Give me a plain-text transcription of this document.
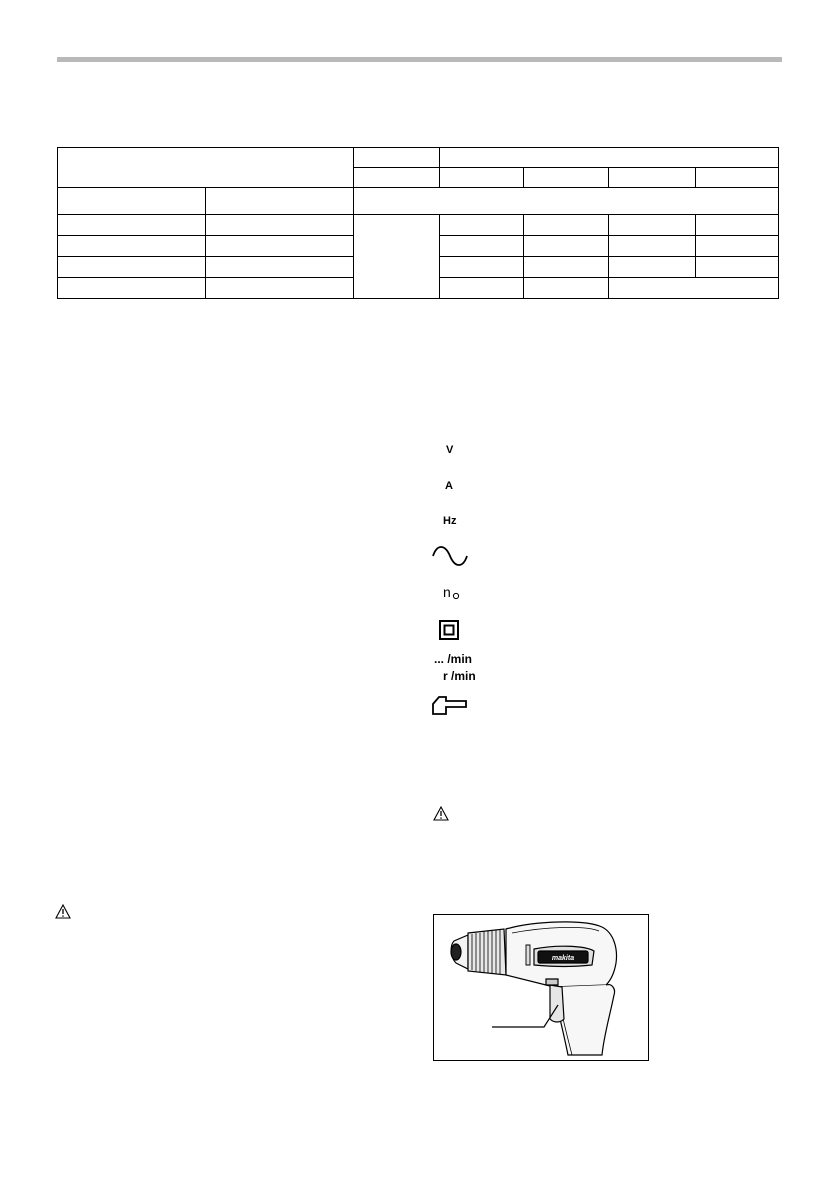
V
A
Hz
n
... /min
r /min
makita
